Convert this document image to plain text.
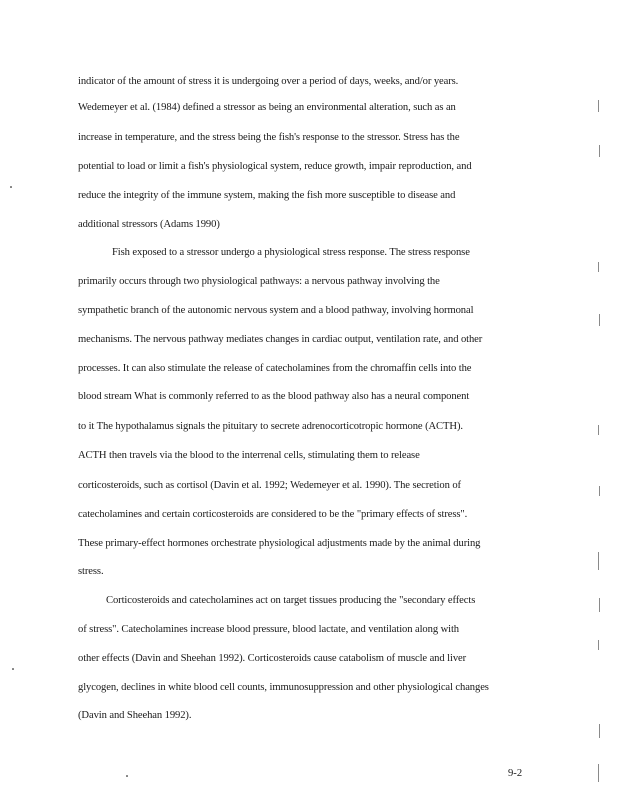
indicator of the amount of stress it is undergoing over a period of days, weeks, and/or years.
Wedemeyer et al. (1984) defined a stressor as being an environmental alteration, such as an
increase in temperature, and the stress being the fish's response to the stressor. Stress has the
potential to load or limit a fish's physiological system, reduce growth, impair reproduction, and
reduce the integrity of the immune system, making the fish more susceptible to disease and
additional stressors (Adams 1990)
Fish exposed to a stressor undergo a physiological stress response. The stress response
primarily occurs through two physiological pathways: a nervous pathway involving the
sympathetic branch of the autonomic nervous system and a blood pathway, involving hormonal
mechanisms. The nervous pathway mediates changes in cardiac output, ventilation rate, and other
processes. It can also stimulate the release of catecholamines from the chromaffin cells into the
blood stream What is commonly referred to as the blood pathway also has a neural component
to it The hypothalamus signals the pituitary to secrete adrenocorticotropic hormone (ACTH).
ACTH then travels via the blood to the interrenal cells, stimulating them to release
corticosteroids, such as cortisol (Davin et al. 1992; Wedemeyer et al. 1990). The secretion of
catecholamines and certain corticosteroids are considered to be the "primary effects of stress".
These primary-effect hormones orchestrate physiological adjustments made by the animal during
stress.
Corticosteroids and catecholamines act on target tissues producing the "secondary effects
of stress". Catecholamines increase blood pressure, blood lactate, and ventilation along with
other effects (Davin and Sheehan 1992). Corticosteroids cause catabolism of muscle and liver
glycogen, declines in white blood cell counts, immunosuppression and other physiological changes
(Davin and Sheehan 1992).
9-2
